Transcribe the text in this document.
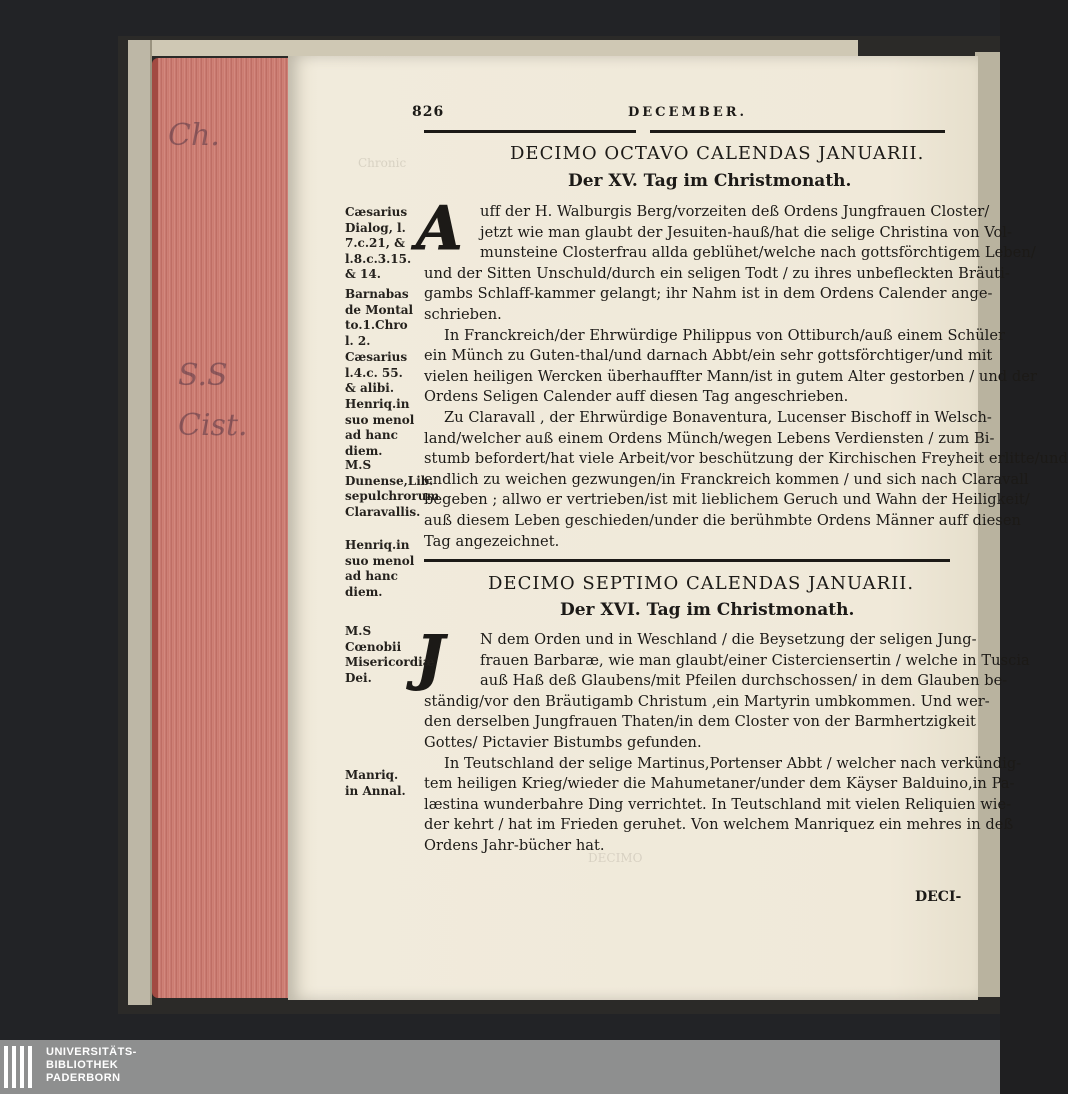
Ch.
S.S
Cist.
Chronic
DECIMO
826	DECEMBER.
DECIMO OCTAVO CALENDAS JANUARII.
Der XV. Tag im Christmonath.
A uff der H. Walburgis Berg/vorzeiten deß Ordens Jungfrauen Closter/
jetzt wie man glaubt der Jesuiten-hauß/hat die selige Christina von Vol-
munsteine Closterfrau allda geblühet/welche nach gottsförchtigem Leben/
und der Sitten Unschuld/durch ein seligen Todt / zu ihres unbefleckten Bräuti-
gambs Schlaff-kammer gelangt; ihr Nahm ist in dem Ordens Calender ange-
schrieben.
In Franckreich/der Ehrwürdige Philippus von Ottiburch/auß einem Schüler
ein Münch zu Guten-thal/und darnach Abbt/ein sehr gottsförchtiger/und mit
vielen heiligen Wercken überhauffter Mann/ist in gutem Alter gestorben / und der
Ordens Seligen Calender auff diesen Tag angeschrieben.
Zu Claravall , der Ehrwürdige Bonaventura, Lucenser Bischoff in Welsch-
land/welcher auß einem Ordens Münch/wegen Lebens Verdiensten / zum Bi-
stumb befordert/hat viele Arbeit/vor beschützung der Kirchischen Freyheit erlitte/und
endlich zu weichen gezwungen/in Franckreich kommen / und sich nach Claravall
begeben ; allwo er vertrieben/ist mit lieblichem Geruch und Wahn der Heiligkeit/
auß diesem Leben geschieden/under die berühmbte Ordens Männer auff diesen
Tag angezeichnet.
DECIMO SEPTIMO CALENDAS JANUARII.
Der XVI. Tag im Christmonath.
J N dem Orden und in Weschland / die Beysetzung der seligen Jung-
frauen Barbaræ, wie man glaubt/einer Cisterciensertin / welche in Tuscia
auß Haß deß Glaubens/mit Pfeilen durchschossen/ in dem Glauben be-
ständig/vor den Bräutigamb Christum ,ein Martyrin umbkommen. Und wer-
den derselben Jungfrauen Thaten/in dem Closter von der Barmhertzigkeit
Gottes/ Pictavier Bistumbs gefunden.
In Teutschland der selige Martinus,Portenser Abbt / welcher nach verkündig-
tem heiligen Krieg/wieder die Mahumetaner/under dem Käyser Balduino,in Pa-
læstina wunderbahre Ding verrichtet. In Teutschland mit vielen Reliquien wie-
der kehrt / hat im Frieden geruhet. Von welchem Manriquez ein mehres in deß
Ordens Jahr-bücher hat.
DECI-
Cæsarius Dialog, l. 7.c.21, & l.8.c.3.15. & 14.
Barnabas de Montal to.1.Chro l. 2.
Cæsarius l.4.c. 55. & alibi.
Henriq.in suo menol ad hanc diem.
M.S Dunense,Lib. sepulchrorum Claravallis.
Henriq.in suo menol ad hanc diem.
M.S Cœnobii Misericordiæ Dei.
Manriq. in Annal.
UNIVERSITÄTS-
BIBLIOTHEK
PADERBORN
